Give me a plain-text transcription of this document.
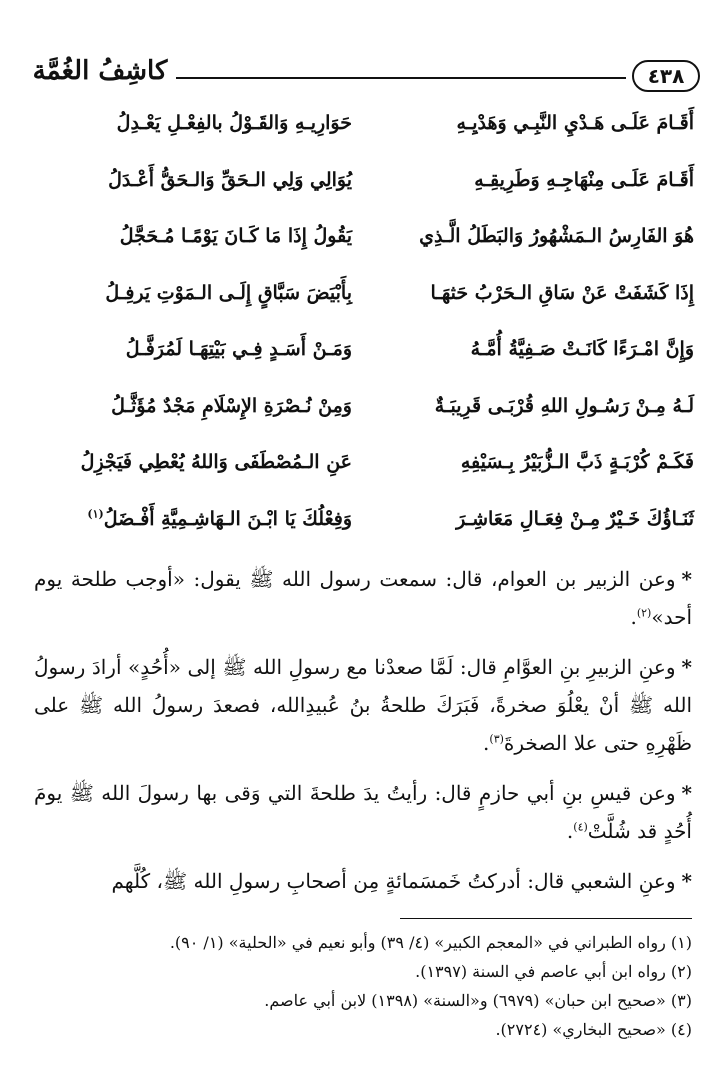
٤٣٨
كاشِفُ الغُمَّة
أَقَـامَ عَلَـى هَـدْيِ النَّبِـي وَهَدْيِـهِ
حَوَارِيـهِ وَالقَـوْلُ بالفِعْـلِ يَعْـدِلُ
أَقَـامَ عَلَـى مِنْهَاجِـهِ وَطَرِيقِـهِ
يُوَالِي وَلِي الـحَقِّ وَالـحَقُّ أَعْـدَلُ
هُوَ الفَارِسُ الـمَشْهُورُ وَالبَطَلُ الَّـذِي
يَقُولُ إِذَا مَا كَـانَ يَوْمًـا مُـحَجَّلُ
إِذَا كَشَفَتْ عَنْ سَاقِ الـحَرْبُ حَثهَـا
بِأَبْيَضَ سَبَّاقٍ إِلَـى الـمَوْتِ يَرفِـلُ
وَإِنَّ امْـرَءًا كَانَـتْ صَـفِيَّةُ أُمَّـهُ
وَمَـنْ أَسَـدٍ فِـي بَيْتِهَـا لَمُرَفَّـلُ
لَـهُ مِـنْ رَسُـولِ اللهِ قُرْبَـى قَرِيبَـةٌ
وَمِنْ نُـصْرَةِ الإِسْلَامِ مَجْدٌ مُؤَثَّـلُ
فَكَـمْ كُرْبَـةٍ ذَبَّ الـزُّبَيْرُ بِـسَيْفِهِ
عَنِ الـمُصْطَفَى وَاللهُ يُعْطِي فَيَجْزِلُ
ثَنَـاؤُكَ خَـيْرٌ مِـنْ فِعَـالِ مَعَاشِـرَ
وَفِعْلُكَ يَا ابْـنَ الـهَاشِـمِيَّةِ أَفْـضَلُ$^{(١)}$

*وعن الزبير بن العوام، قال: سمعت رسول الله ﷺ يقول: «أوجب طلحة يوم أحد»$^{(٢)}$.

*وعنِ الزبيرِ بنِ العوَّامِ قال: لَمَّا صعدْنا مع رسولِ الله ﷺ إلى «أُحُدٍ» أرادَ رسولُ الله ﷺ أنْ يعْلُوَ صخرةً، فَبَرَكَ طلحةُ بنُ عُبيدِالله، فصعدَ رسولُ الله ﷺ على ظَهْرِهِ حتى علا الصخرةَ$^{(٣)}$.

*وعن قيسِ بنِ أبي حازمٍ قال: رأيتُ يدَ طلحةَ التي وَقى بها رسولَ الله ﷺ يومَ أُحُدٍ قد شُلَّتْ$^{(٤)}$.

*وعنِ الشعبي قال: أدركتُ خَمسَمائةٍ مِن أصحابِ رسولِ الله ﷺ، كُلَّهم

(١) رواه الطبراني في «المعجم الكبير» (٤/ ٣٩) وأبو نعيم في «الحلية» (١/ ٩٠).
(٢) رواه ابن أبي عاصم في السنة (١٣٩٧).
(٣) «صحيح ابن حبان» (٦٩٧٩) و«السنة» (١٣٩٨) لابن أبي عاصم.
(٤) «صحيح البخاري» (٢٧٢٤).
